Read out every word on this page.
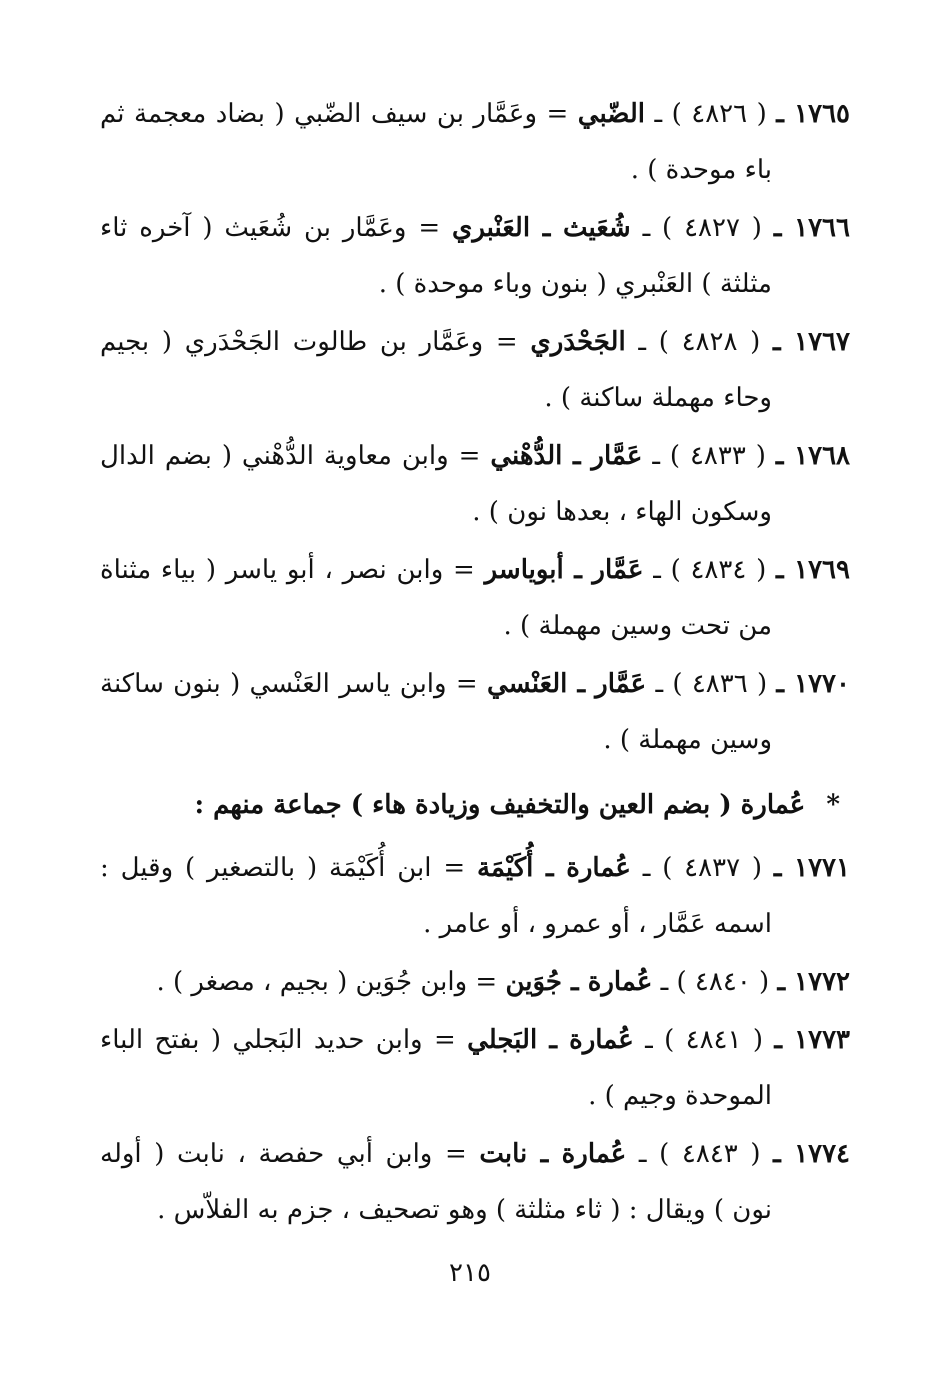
١٧٦٥ ـ ( ٤٨٢٦ ) ـ الضّبي = وعَمَّار بن سيف الضّبي ( بضاد معجمة ثم
باء موحدة ) .
١٧٦٦ ـ ( ٤٨٢٧ ) ـ شُعَيث ـ العَنْبري = وعَمَّار بن شُعَيث ( آخره ثاء
مثلثة ) العَنْبري ( بنون وباء موحدة ) .
١٧٦٧ ـ ( ٤٨٢٨ ) ـ الجَحْدَري = وعَمَّار بن طالوت الجَحْدَري ( بجيم
وحاء مهملة ساكنة ) .
١٧٦٨ ـ ( ٤٨٣٣ ) ـ عَمَّار ـ الدُّهْني = وابن معاوية الدُّهْني ( بضم الدال
وسكون الهاء ، بعدها نون ) .
١٧٦٩ ـ ( ٤٨٣٤ ) ـ عَمَّار ـ أبوياسر = وابن نصر ، أبو ياسر ( بياء مثناة
من تحت وسين مهملة ) .
١٧٧٠ ـ ( ٤٨٣٦ ) ـ عَمَّار ـ العَنْسي = وابن ياسر العَنْسي ( بنون ساكنة
وسين مهملة ) .
* عُمارة ( بضم العين والتخفيف وزيادة هاء ) جماعة منهم :
١٧٧١ ـ ( ٤٨٣٧ ) ـ عُمارة ـ أُكَيْمَة = ابن أُكَيْمَة ( بالتصغير ) وقيل :
اسمه عَمَّار ، أو عمرو ، أو عامر .
١٧٧٢ ـ ( ٤٨٤٠ ) ـ عُمارة ـ جُوَين = وابن جُوَين ( بجيم ، مصغر ) .
١٧٧٣ ـ ( ٤٨٤١ ) ـ عُمارة ـ البَجلي = وابن حديد البَجلي ( بفتح الباء
الموحدة وجيم ) .
١٧٧٤ ـ ( ٤٨٤٣ ) ـ عُمارة ـ نابت = وابن أبي حفصة ، نابت ( أوله
نون ) ويقال : ( ثاء مثلثة ) وهو تصحيف ، جزم به الفلاّس .
٢١٥
